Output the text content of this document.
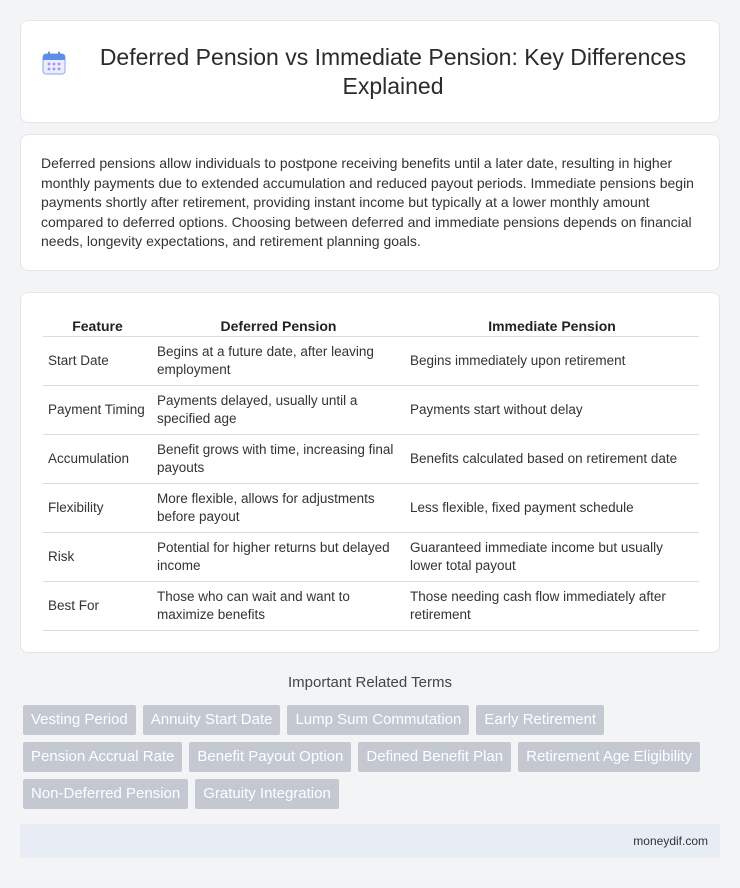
Deferred Pension vs Immediate Pension: Key Differences Explained

Deferred pensions allow individuals to postpone receiving benefits until a later date, resulting in higher monthly payments due to extended accumulation and reduced payout periods. Immediate pensions begin payments shortly after retirement, providing instant income but typically at a lower monthly amount compared to deferred options. Choosing between deferred and immediate pensions depends on financial needs, longevity expectations, and retirement planning goals.

Feature	Deferred Pension	Immediate Pension
Start Date	Begins at a future date, after leaving employment	Begins immediately upon retirement
Payment Timing	Payments delayed, usually until a specified age	Payments start without delay
Accumulation	Benefit grows with time, increasing final payouts	Benefits calculated based on retirement date
Flexibility	More flexible, allows for adjustments before payout	Less flexible, fixed payment schedule
Risk	Potential for higher returns but delayed income	Guaranteed immediate income but usually lower total payout
Best For	Those who can wait and want to maximize benefits	Those needing cash flow immediately after retirement
Important Related Terms
Vesting Period	Annuity Start Date	Lump Sum Commutation	Early Retirement
Pension Accrual Rate	Benefit Payout Option	Defined Benefit Plan	Retirement Age Eligibility
Non-Deferred Pension	Gratuity Integration
moneydif.com
